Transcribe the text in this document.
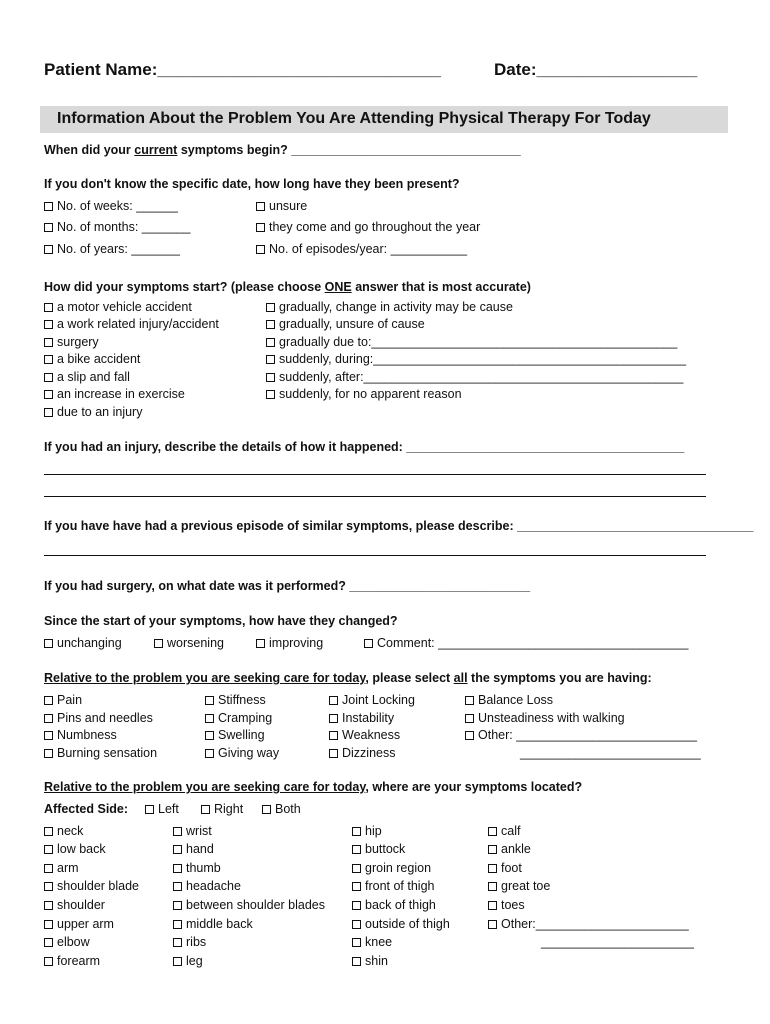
Patient Name:______________________________	Date:_________________
Information About the Problem You Are Attending Physical Therapy For Today
When did your current symptoms begin? _________________________________
If you don't know the specific date, how long have they been present?
No. of weeks: ______
No. of months: _______
No. of years: _______
unsure
they come and go throughout the year
No. of episodes/year: ___________
How did your symptoms start? (please choose ONE answer that is most accurate)
a motor vehicle accident
a work related injury/accident
surgery
a bike accident
a slip and fall
an increase in exercise
due to an injury
gradually, change in activity may be cause
gradually, unsure of cause
gradually due to:____________________________________________
suddenly, during:_____________________________________________
suddenly, after:______________________________________________
suddenly, for no apparent reason
If you had an injury, describe the details of how it happened: ________________________________________
If you have have had a previous episode of similar symptoms, please describe: __________________________________
If you had surgery, on what date was it performed? __________________________
Since the start of your symptoms, how have they changed?
unchanging	worsening	improving	Comment: ____________________________________
Relative to the problem you are seeking care for today, please select all the symptoms you are having:
Pain
Pins and needles
Numbness
Burning sensation
Stiffness
Cramping
Swelling
Giving way
Joint Locking
Instability
Weakness
Dizziness
Balance Loss
Unsteadiness with walking
Other: __________________________
__________________________
Relative to the problem you are seeking care for today, where are your symptoms located?
Affected Side:	Left	Right	Both
neck
low back
arm
shoulder blade
shoulder
upper arm
elbow
forearm
wrist
hand
thumb
headache
between shoulder blades
middle back
ribs
leg
hip
buttock
groin region
front of thigh
back of thigh
outside of thigh
knee
shin
calf
ankle
foot
great toe
toes
Other:______________________
______________________
